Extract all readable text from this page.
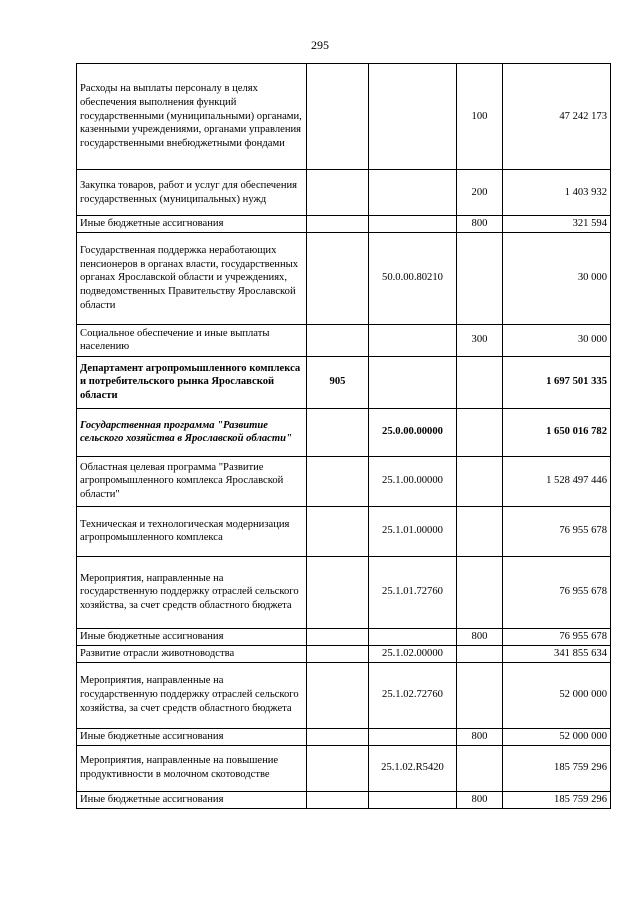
295
Расходы на выплаты персоналу в целях обеспечения выполнения функций государственными (муниципальными) органами, казенными учреждениями, органами управления государственными внебюджетными фондами			100	47 242 173
Закупка товаров, работ и услуг для обеспечения государственных (муниципальных) нужд			200	1 403 932
Иные бюджетные ассигнования			800	321 594
Государственная поддержка неработающих пенсионеров в органах власти, государственных органах Ярославской области и учреждениях, подведомственных Правительству Ярославской области		50.0.00.80210		30 000
Социальное обеспечение и иные выплаты населению			300	30 000
Департамент агропромышленного комплекса и потребительского рынка Ярославской области	905			1 697 501 335
Государственная программа "Развитие сельского хозяйства в Ярославской области"		25.0.00.00000		1 650 016 782
Областная целевая программа "Развитие агропромышленного комплекса Ярославской области"		25.1.00.00000		1 528 497 446
Техническая и технологическая модернизация агропромышленного комплекса		25.1.01.00000		76 955 678
Мероприятия, направленные на государственную поддержку отраслей сельского хозяйства, за счет средств областного бюджета		25.1.01.72760		76 955 678
Иные бюджетные ассигнования			800	76 955 678
Развитие отрасли животноводства		25.1.02.00000		341 855 634
Мероприятия, направленные на государственную поддержку отраслей сельского хозяйства, за счет средств областного бюджета		25.1.02.72760		52 000 000
Иные бюджетные ассигнования			800	52 000 000
Мероприятия, направленные на повышение продуктивности в молочном скотоводстве		25.1.02.R5420		185 759 296
Иные бюджетные ассигнования			800	185 759 296
